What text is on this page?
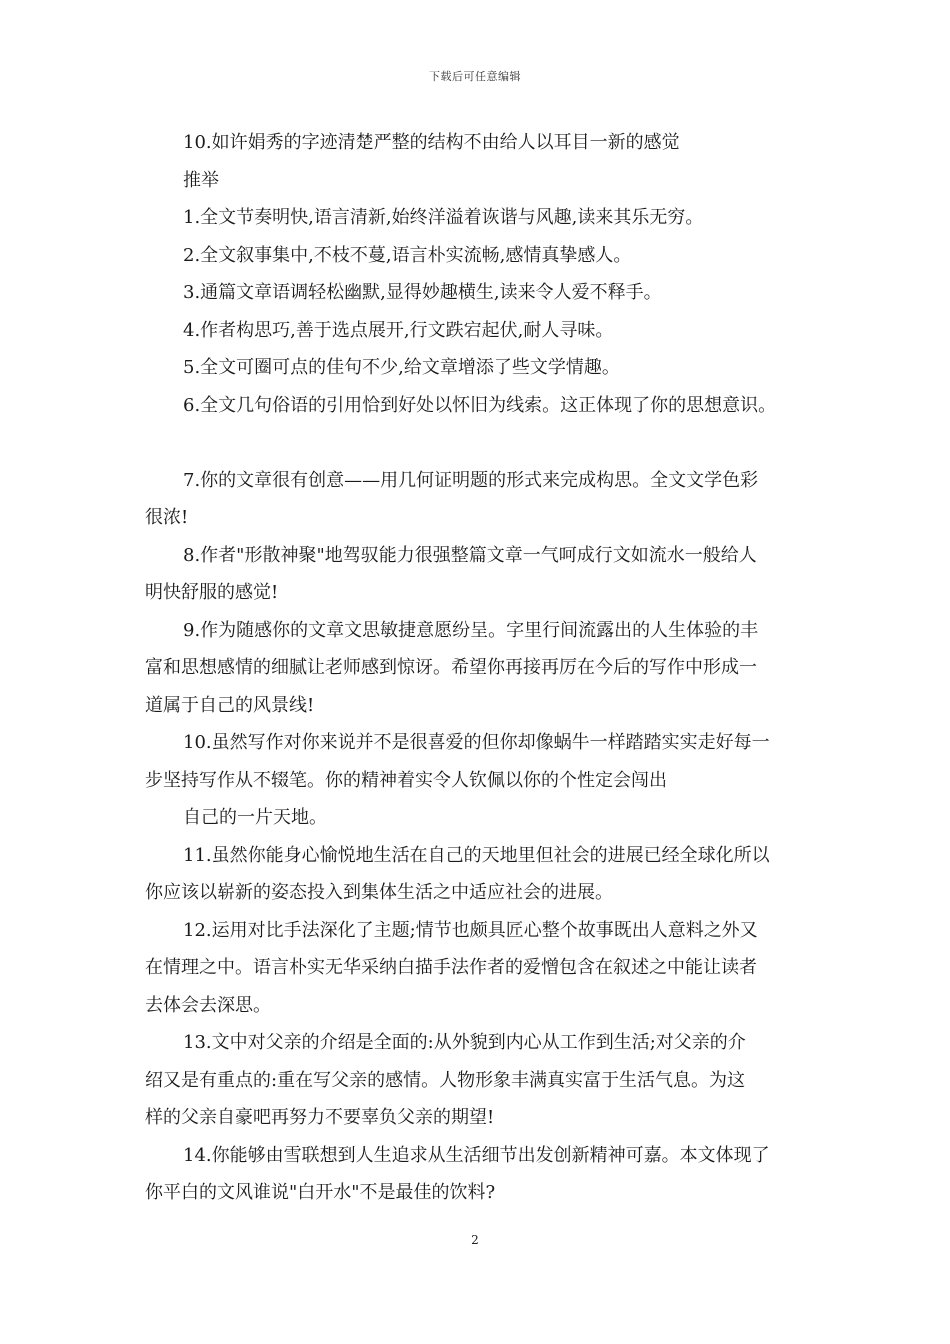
下载后可任意编辑
10.如许娟秀的字迹清楚严整的结构不由给人以耳目一新的感觉
推举
1.全文节奏明快,语言清新,始终洋溢着诙谐与风趣,读来其乐无穷。
2.全文叙事集中,不枝不蔓,语言朴实流畅,感情真挚感人。
3.通篇文章语调轻松幽默,显得妙趣横生,读来令人爱不释手。
4.作者构思巧,善于选点展开,行文跌宕起伏,耐人寻味。
5.全文可圈可点的佳句不少,给文章增添了些文学情趣。
6.全文几句俗语的引用恰到好处以怀旧为线索。这正体现了你的思想意识。
7.你的文章很有创意——用几何证明题的形式来完成构思。全文文学色彩
很浓!
8.作者"形散神聚"地驾驭能力很强整篇文章一气呵成行文如流水一般给人
明快舒服的感觉!
9.作为随感你的文章文思敏捷意愿纷呈。字里行间流露出的人生体验的丰
富和思想感情的细腻让老师感到惊讶。希望你再接再厉在今后的写作中形成一
道属于自己的风景线!
10.虽然写作对你来说并不是很喜爱的但你却像蜗牛一样踏踏实实走好每一
步坚持写作从不辍笔。你的精神着实令人钦佩以你的个性定会闯出
自己的一片天地。
11.虽然你能身心愉悦地生活在自己的天地里但社会的进展已经全球化所以
你应该以崭新的姿态投入到集体生活之中适应社会的进展。
12.运用对比手法深化了主题;情节也颇具匠心整个故事既出人意料之外又
在情理之中。语言朴实无华采纳白描手法作者的爱憎包含在叙述之中能让读者
去体会去深思。
13.文中对父亲的介绍是全面的:从外貌到内心从工作到生活;对父亲的介
绍又是有重点的:重在写父亲的感情。人物形象丰满真实富于生活气息。为这
样的父亲自豪吧再努力不要辜负父亲的期望!
14.你能够由雪联想到人生追求从生活细节出发创新精神可嘉。本文体现了
你平白的文风谁说"白开水"不是最佳的饮料?
2
